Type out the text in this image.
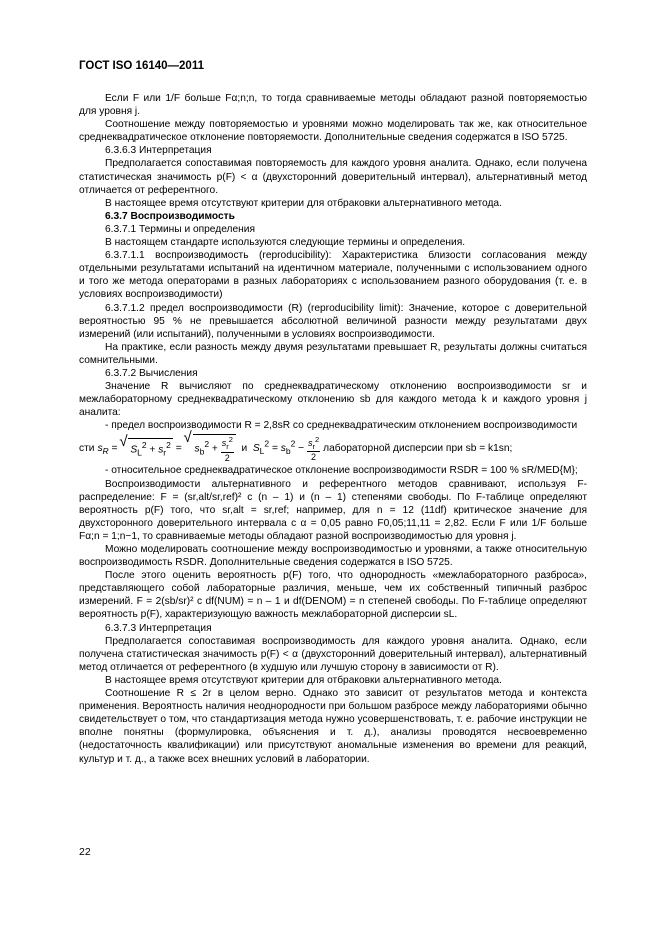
ГОСТ ISO 16140—2011

Если F или 1/F больше Fα;n;n, то тогда сравниваемые методы обладают разной повторяемостью для уровня j.

Соотношение между повторяемостью и уровнями можно моделировать так же, как относительное среднеквадратическое отклонение повторяемости. Дополнительные сведения содержатся в ISO 5725.

6.3.6.3 Интерпретация

Предполагается сопоставимая повторяемость для каждого уровня аналита. Однако, если получена статистическая значимость p(F) < α (двухсторонний доверительный интервал), альтернативный метод отличается от референтного.

В настоящее время отсутствуют критерии для отбраковки альтернативного метода.

6.3.7 Воспроизводимость

6.3.7.1 Термины и определения

В настоящем стандарте используются следующие термины и определения.

6.3.7.1.1 воспроизводимость (reproducibility): Характеристика близости согласования между отдельными результатами испытаний на идентичном материале, полученными с использованием одного и того же метода операторами в разных лабораториях с использованием разного оборудования (т. е. в условиях воспроизводимости)

6.3.7.1.2 предел воспроизводимости (R) (reproducibility limit): Значение, которое с доверительной вероятностью 95 % не превышается абсолютной величиной разности между результатами двух измерений (или испытаний), полученными в условиях воспроизводимости.

На практике, если разность между двумя результатами превышает R, результаты должны считаться сомнительными.

6.3.7.2 Вычисления

Значение R вычисляют по среднеквадратическому отклонению воспроизводимости sr и межлабораторному среднеквадратическому отклонению sb для каждого метода k и каждого уровня j аналита:

- предел воспроизводимости R = 2,8sR со среднеквадратическим отклонением воспроизводимости

сти $s_R$ = √ $S_L^2 + s_r^2$ = √ $s_b^2 + \frac{s_r^2}{2}$ и  $S_L^2 = s_b^2 - \frac{s_r^2}{2}$ лабораторной дисперсии при sb = k1sn;

- относительное среднеквадратическое отклонение воспроизводимости RSDR = 100 % sR/MED{M};

Воспроизводимости альтернативного и референтного методов сравнивают, используя F-распределение: F = (sr,alt/sr,ref)² с (n – 1) и (n – 1) степенями свободы. По F-таблице определяют вероятность p(F) того, что sr,alt = sr,ref; например, для n = 12 (11df) критическое значение для двухсторонного доверительного интервала с α = 0,05 равно F0,05;11,11 = 2,82. Если F или 1/F больше Fα;n = 1;n−1, то сравниваемые методы обладают разной воспроизводимостью для уровня j.

Можно моделировать соотношение между воспроизводимостью и уровнями, а также относительную воспроизводимость RSDR. Дополнительные сведения содержатся в ISO 5725.

После этого оценить вероятность p(F) того, что однородность «межлабораторного разброса», представляющего собой лабораторные различия, меньше, чем их собственный типичный разброс измерений. F = 2(sb/sr)² с df(NUM) = n – 1 и df(DENOM) = n степеней свободы. По F-таблице определяют вероятность p(F), характеризующую важность межлабораторной дисперсии sL.

6.3.7.3 Интерпретация

Предполагается сопоставимая воспроизводимость для каждого уровня аналита. Однако, если получена статистическая значимость p(F) < α (двухсторонний доверительный интервал), альтернативный метод отличается от референтного (в худшую или лучшую сторону в зависимости от R).

В настоящее время отсутствуют критерии для отбраковки альтернативного метода.

Соотношение R ≤ 2r в целом верно. Однако это зависит от результатов метода и контекста применения. Вероятность наличия неоднородности при большом разбросе между лабораториями обычно свидетельствует о том, что стандартизация метода нужно усовершенствовать, т. е. рабочие инструкции не вполне понятны (формулировка, объяснения и т. д.), анализы проводятся несвоевременно (недостаточность квалификации) или присутствуют аномальные изменения во времени для реакций, культур и т. д., а также всех внешних условий в лаборатории.

22
